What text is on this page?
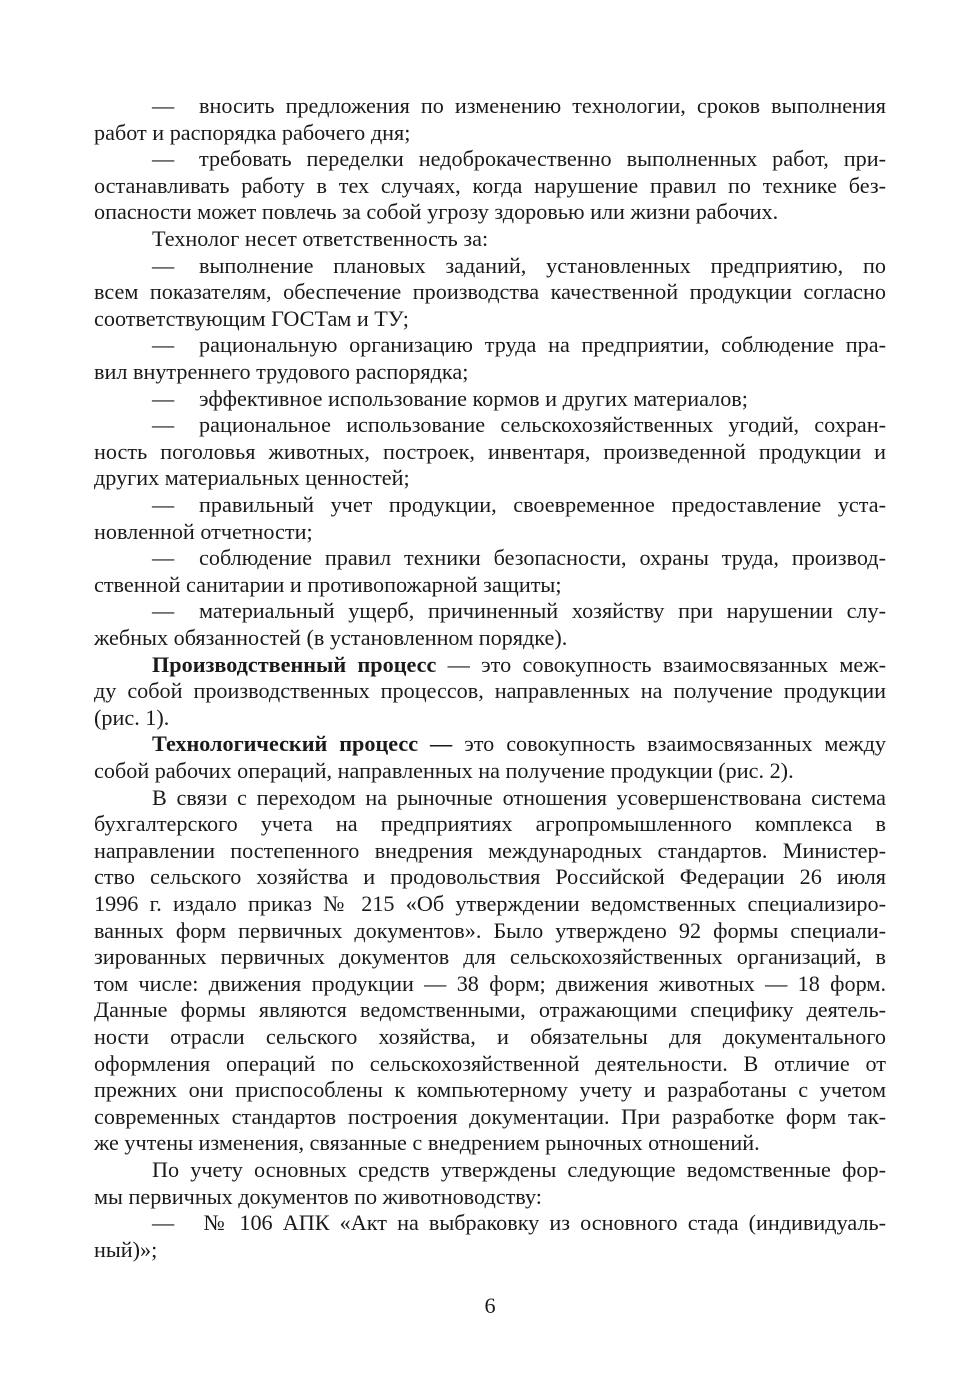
— вносить предложения по изменению технологии, сроков выполнения
работ и распорядка рабочего дня;
— требовать переделки недоброкачественно выполненных работ, при-
останавливать работу в тех случаях, когда нарушение правил по технике без-
опасности может повлечь за собой угрозу здоровью или жизни рабочих.
Технолог несет ответственность за:
— выполнение плановых заданий, установленных предприятию, по
всем показателям, обеспечение производства качественной продукции согласно
соответствующим ГОСТам и ТУ;
— рациональную организацию труда на предприятии, соблюдение пра-
вил внутреннего трудового распорядка;
— эффективное использование кормов и других материалов;
— рациональное использование сельскохозяйственных угодий, сохран-
ность поголовья животных, построек, инвентаря, произведенной продукции и
других материальных ценностей;
— правильный учет продукции, своевременное предоставление уста-
новленной отчетности;
— соблюдение правил техники безопасности, охраны труда, производ-
ственной санитарии и противопожарной защиты;
— материальный ущерб, причиненный хозяйству при нарушении слу-
жебных обязанностей (в установленном порядке).
Производственный процесс — это совокупность взаимосвязанных меж-
ду собой производственных процессов, направленных на получение продукции
(рис. 1).
Технологический процесс — это совокупность взаимосвязанных между
собой рабочих операций, направленных на получение продукции (рис. 2).
В связи с переходом на рыночные отношения усовершенствована система
бухгалтерского учета на предприятиях агропромышленного комплекса в
направлении постепенного внедрения международных стандартов. Министер-
ство сельского хозяйства и продовольствия Российской Федерации 26 июля
1996 г. издало приказ № 215 «Об утверждении ведомственных специализиро-
ванных форм первичных документов». Было утверждено 92 формы специали-
зированных первичных документов для сельскохозяйственных организаций, в
том числе: движения продукции — 38 форм; движения животных — 18 форм.
Данные формы являются ведомственными, отражающими специфику деятель-
ности отрасли сельского хозяйства, и обязательны для документального
оформления операций по сельскохозяйственной деятельности. В отличие от
прежних они приспособлены к компьютерному учету и разработаны с учетом
современных стандартов построения документации. При разработке форм так-
же учтены изменения, связанные с внедрением рыночных отношений.
По учету основных средств утверждены следующие ведомственные фор-
мы первичных документов по животноводству:
— № 106 АПК «Акт на выбраковку из основного стада (индивидуаль-
ный)»;
6
